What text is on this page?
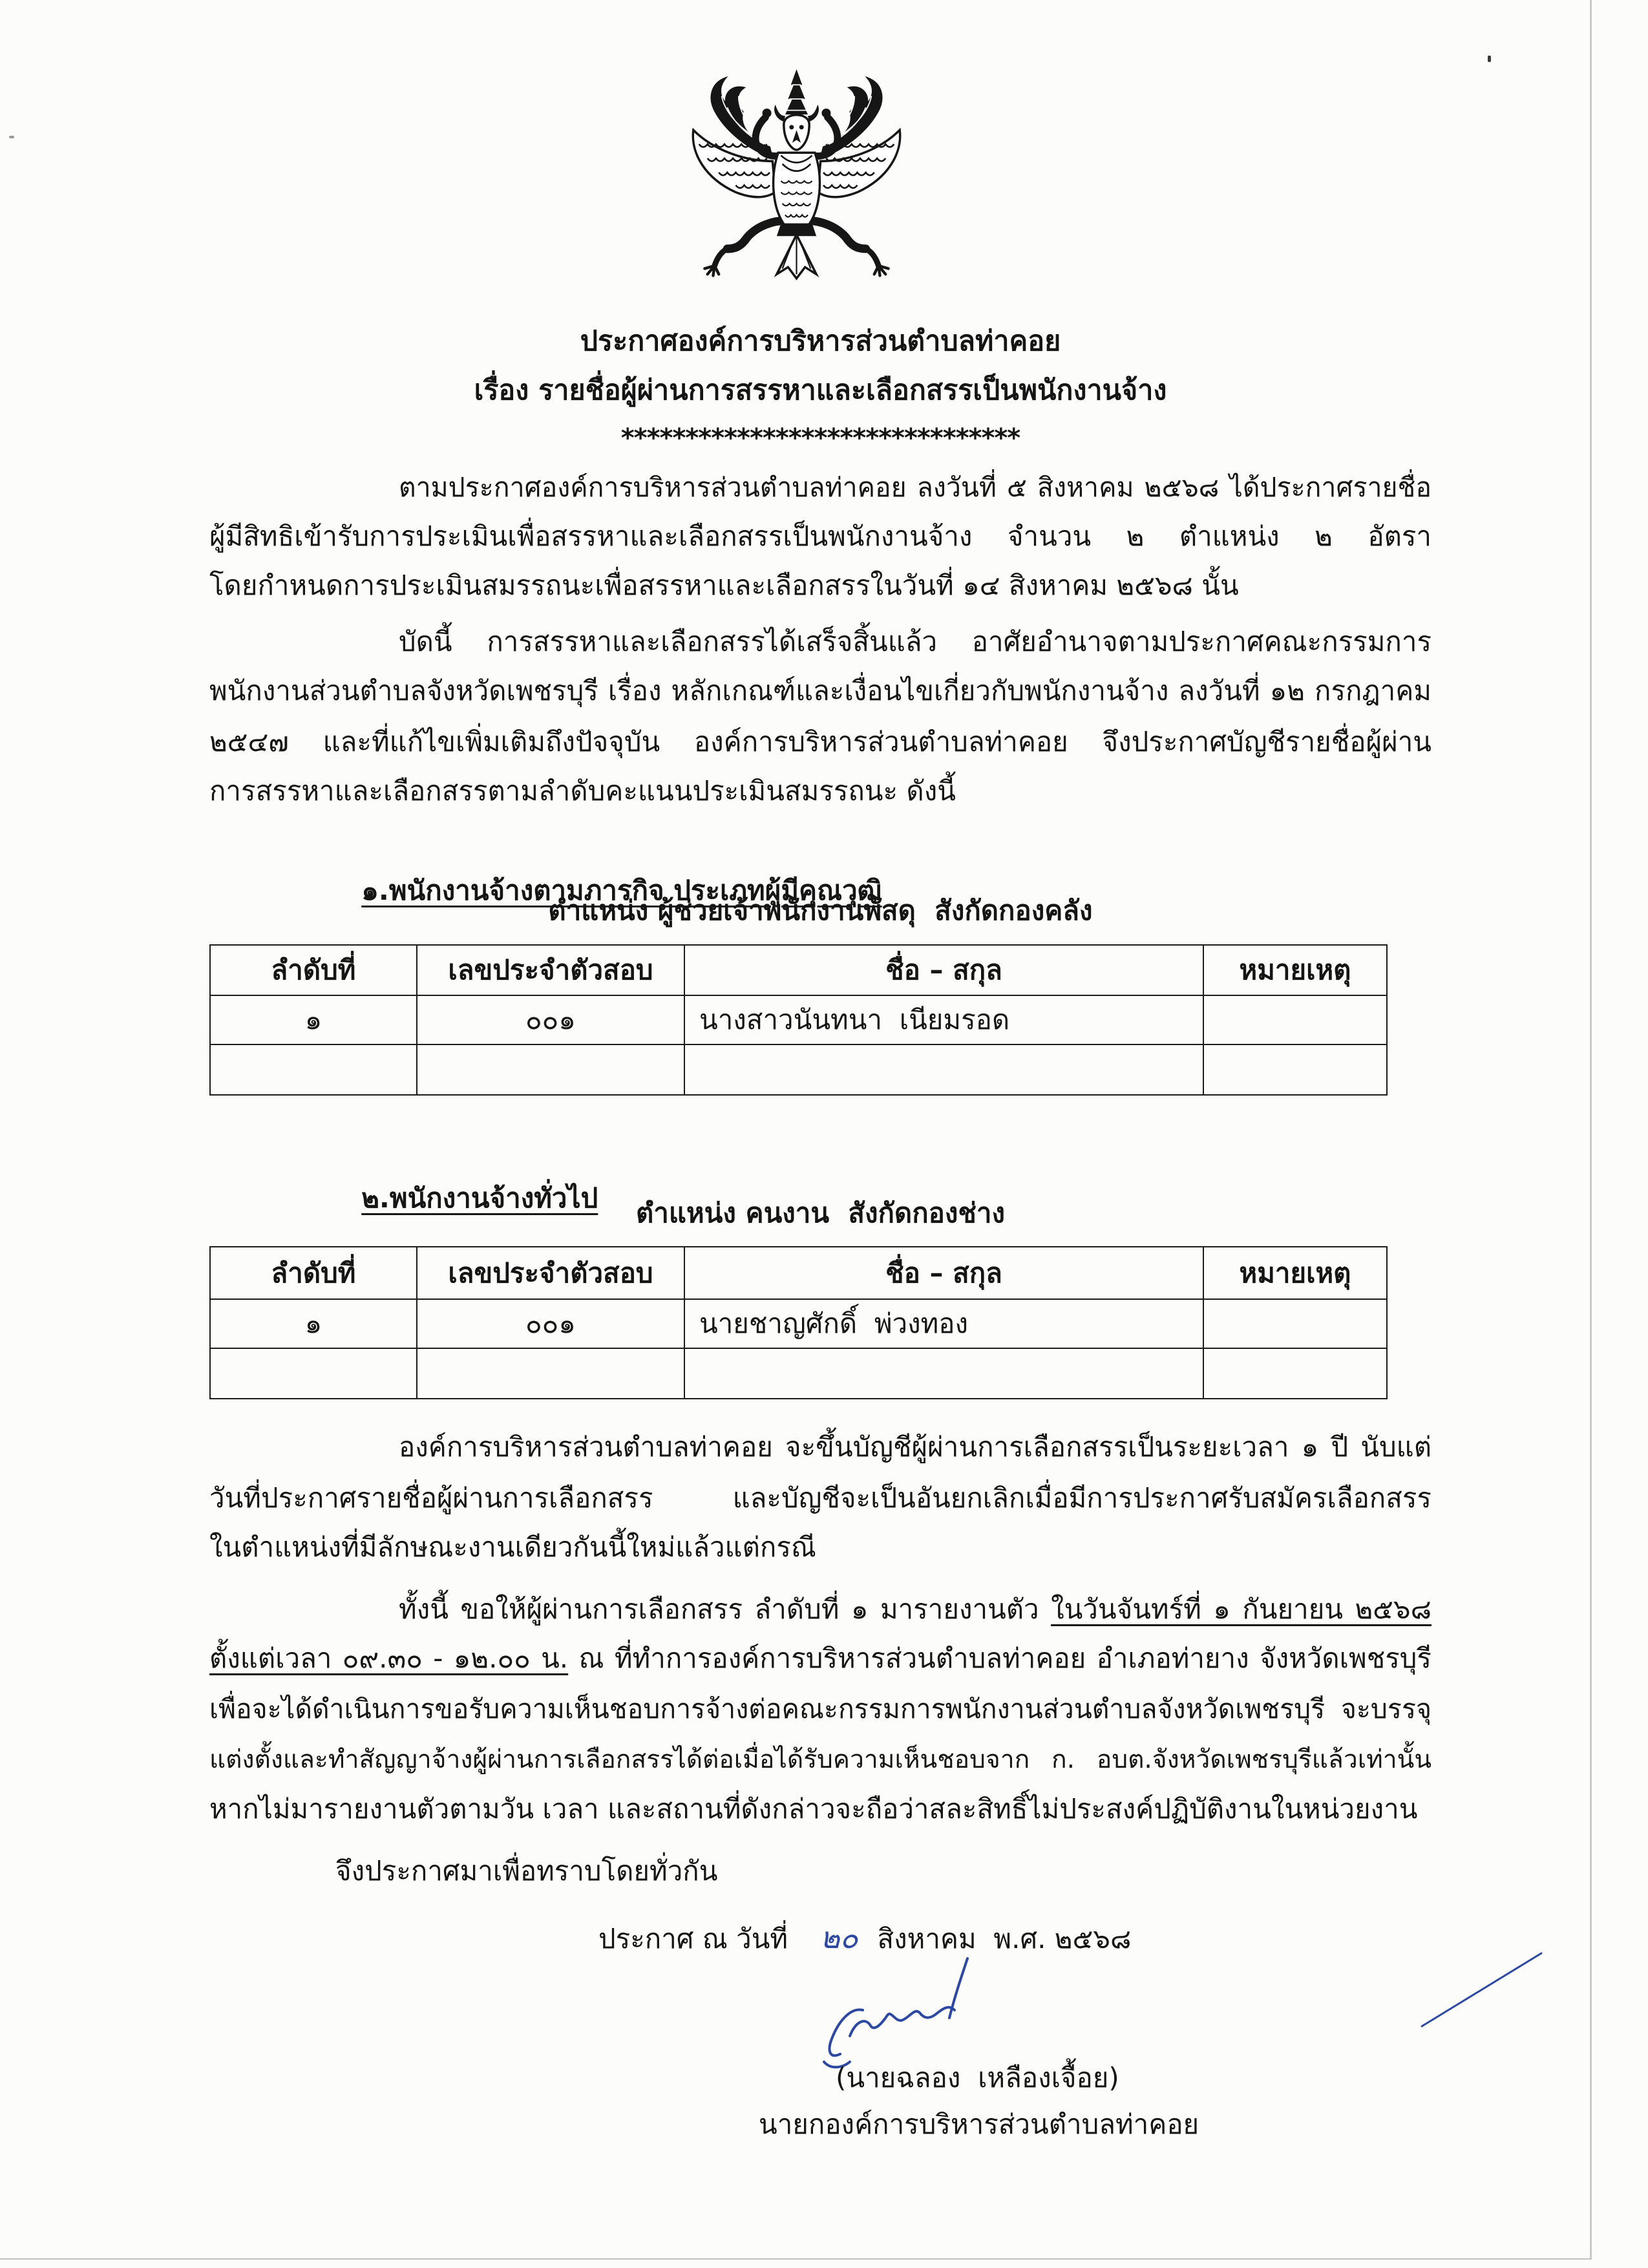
ประกาศองค์การบริหารส่วนตำบลท่าคอย
เรื่อง รายชื่อผู้ผ่านการสรรหาและเลือกสรรเป็นพนักงานจ้าง
*******************************
ตามประกาศองค์การบริหารส่วนตำบลท่าคอย ลงวันที่ ๕ สิงหาคม ๒๕๖๘ ได้ประกาศรายชื่อ
ผู้มีสิทธิเข้ารับการประเมินเพื่อสรรหาและเลือกสรรเป็นพนักงานจ้าง จำนวน ๒ ตำแหน่ง ๒ อัตรา
โดยกำหนดการประเมินสมรรถนะเพื่อสรรหาและเลือกสรรในวันที่ ๑๔ สิงหาคม ๒๕๖๘ นั้น
บัดนี้ การสรรหาและเลือกสรรได้เสร็จสิ้นแล้ว อาศัยอำนาจตามประกาศคณะกรรมการ
พนักงานส่วนตำบลจังหวัดเพชรบุรี เรื่อง หลักเกณฑ์และเงื่อนไขเกี่ยวกับพนักงานจ้าง ลงวันที่ ๑๒ กรกฎาคม
๒๕๔๗ และที่แก้ไขเพิ่มเติมถึงปัจจุบัน องค์การบริหารส่วนตำบลท่าคอย จึงประกาศบัญชีรายชื่อผู้ผ่าน
การสรรหาและเลือกสรรตามลำดับคะแนนประเมินสมรรถนะ ดังนี้

๑.พนักงานจ้างตามภารกิจ ประเภทผู้มีคุณวุฒิ

ตำแหน่ง ผู้ช่วยเจ้าพนักงานพัสดุ  สังกัดกองคลัง
ลำดับที่	เลขประจำตัวสอบ	ชื่อ – สกุล	หมายเหตุ
๑	๐๐๑	นางสาวนันทนา  เนียมรอด	

๒.พนักงานจ้างทั่วไป	ตำแหน่ง คนงาน  สังกัดกองช่าง
ลำดับที่	เลขประจำตัวสอบ	ชื่อ – สกุล	หมายเหตุ
๑	๐๐๑	นายชาญศักดิ์  พ่วงทอง	

องค์การบริหารส่วนตำบลท่าคอย จะขึ้นบัญชีผู้ผ่านการเลือกสรรเป็นระยะเวลา ๑ ปี นับแต่
วันที่ประกาศรายชื่อผู้ผ่านการเลือกสรร และบัญชีจะเป็นอันยกเลิกเมื่อมีการประกาศรับสมัครเลือกสรร
ในตำแหน่งที่มีลักษณะงานเดียวกันนี้ใหม่แล้วแต่กรณี
ทั้งนี้ ขอให้ผู้ผ่านการเลือกสรร ลำดับที่ ๑ มารายงานตัว ในวันจันทร์ที่ ๑ กันยายน ๒๕๖๘
ตั้งแต่เวลา ๐๙.๓๐ - ๑๒.๐๐ น. ณ ที่ทำการองค์การบริหารส่วนตำบลท่าคอย อำเภอท่ายาง จังหวัดเพชรบุรี
เพื่อจะได้ดำเนินการขอรับความเห็นชอบการจ้างต่อคณะกรรมการพนักงานส่วนตำบลจังหวัดเพชรบุรี จะบรรจุ
แต่งตั้งและทำสัญญาจ้างผู้ผ่านการเลือกสรรได้ต่อเมื่อได้รับความเห็นชอบจาก ก. อบต.จังหวัดเพชรบุรีแล้วเท่านั้น
หากไม่มารายงานตัวตามวัน เวลา และสถานที่ดังกล่าวจะถือว่าสละสิทธิ์ไม่ประสงค์ปฏิบัติงานในหน่วยงาน
จึงประกาศมาเพื่อทราบโดยทั่วกัน
ประกาศ ณ วันที่ ๒๐ สิงหาคม  พ.ศ. ๒๕๖๘
(นายฉลอง  เหลืองเจื้อย)
นายกองค์การบริหารส่วนตำบลท่าคอย
